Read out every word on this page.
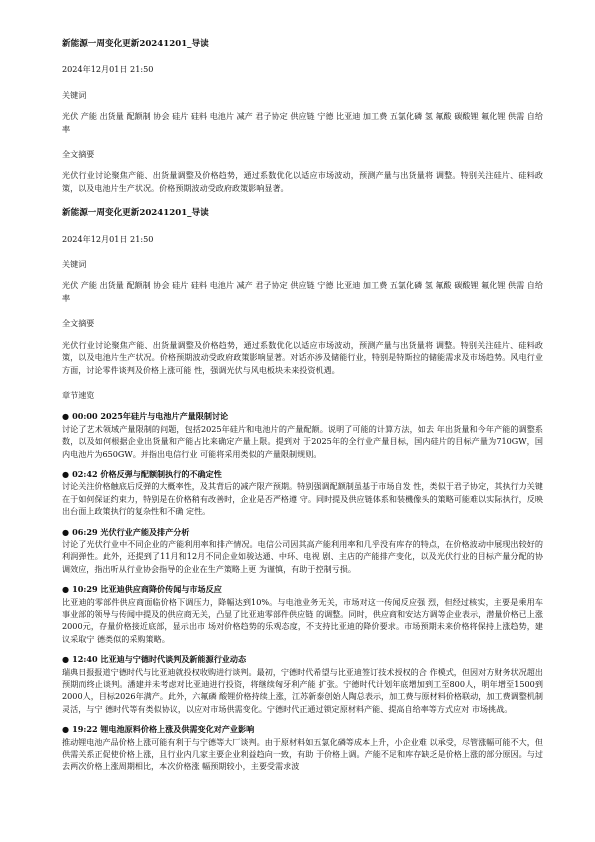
新能源一周变化更新20241201_导读
2024年12月01日 21:50
关键词
光伏 产能 出货量 配额制 协会 硅片 硅料 电池片 减产 君子协定 供应链 宁德 比亚迪 加工费 五氯化磷 氢 氟酸 碳酸锂 氟化锂 供需 自给率
全文摘要
光伏行业讨论聚焦产能、出货量调整及价格趋势，通过系数优化以适应市场波动，预测产量与出货量将 调整。特别关注硅片、硅料政策，以及电池片生产状况。价格预期波动受政府政策影响显著。
新能源一周变化更新20241201_导读
2024年12月01日 21:50
关键词
光伏 产能 出货量 配额制 协会 硅片 硅料 电池片 减产 君子协定 供应链 宁德 比亚迪 加工费 五氯化磷 氢 氟酸 碳酸锂 氟化锂 供需 自给率
全文摘要
光伏行业讨论聚焦产能、出货量调整及价格趋势，通过系数优化以适应市场波动，预测产量与出货量将 调整。特别关注硅片、硅料政策，以及电池片生产状况。价格预期波动受政府政策影响显著。对话亦涉及储能行业，特别是特斯拉的储能需求及市场趋势。风电行业方面，讨论零件谈判及价格上涨可能 性，强调光伏与风电板块未来投资机遇。
章节速览
● 00:00 2025年硅片与电池片产量限制讨论
讨论了艺术领域产量限制的问题，包括2025年硅片和电池片的产量配额。说明了可能的计算方法，如去 年出货量和今年产能的调整系数，以及如何根据企业出货量和产能占比来确定产量上限。提到对 于2025年的全行业产量目标，国内硅片的目标产量为710GW，国内电池片为650GW。并指出电信行业 可能将采用类似的产量限制规则。
● 02:42 价格反弹与配额制执行的不确定性
讨论关注价格触底后反弹的大概率性，及其背后的减产限产预期。特别强调配额制虽基于市场自发 性，类似于君子协定，其执行力关键在于如何保证约束力，特别是在价格稍有改善时，企业是否严格遵 守。同时提及供应链体系和装機像头的策略可能难以实际执行，反映出台面上政策执行的复杂性和不确 定性。
● 06:29 光伏行业产能及排产分析
讨论了光伏行业中不同企业的产能利用率和排产情况。电信公司因其高产能利用率和几乎没有库存的特点，在价格波动中展现出较好的利润弹性。此外，还提到了11月和12月不同企业如骏达通、中环、电视 剧、主店的产能排产变化，以及光伏行业的目标产量分配的协调效应，指出听从行业协会指导的企业在生产策略上更 为谨慎，有助于控制亏损。
● 10:29 比亚迪供应商降价传闻与市场反应
比亚迪的零部件供应商面临价格下调压力，降幅达到10%。与电池业务无关，市场对这一传闻反应强 烈，但经过核实，主要是乘用车事业部的领导与传闻中提及的供应商无关，凸显了比亚迪零部件供应链 的调整。同时，供应商和安达方调等企业表示，潜量价格已上涨2000元，存量价格接近底部，显示出市 场对价格趋势的乐观态度，不支持比亚迪的降价要求。市场预期未来价格将保持上涨趋势，建议采取宁 德类似的采购策略。
● 12:40 比亚迪与宁德时代谈判及新能源行业动态
瑞典日报报道宁德时代与比亚迪就投权收购进行谈判。最初，宁德时代希望与比亚迪签订技术授权的合 作模式，但因对方财务状况超出预期而终止谈判。潘建并未考虑对比亚迪进行投资，将继续匈牙利产能 扩张。宁德时代计划年底增加到工至800人，明年增至1500到2000人，目标2026年满产。此外，六氟磷 酸锂价格持续上涨，江苏新泰创始人陶总表示，加工费与原材料价格联动，加工费调整机制灵活，与宁 德时代等有类似协议，以应对市场供需变化。宁德时代正通过锁定原材料产能、提高自给率等方式应对 市场挑战。
● 19:22 锂电池原料价格上涨及供需变化对产业影响
推动锂电池产品价格上涨可能有利于与宁德等大厂谈判。由于原材料如五氯化磷等成本上升，小企业难 以承受，尽管涨幅可能不大，但供需关系正促使价格上涨，且行业内几家主要企业利益趋向一致，有助 于价格上调。产能不足和库存缺乏是价格上涨的部分原因。与过去两次价格上涨周期相比，本次价格涨 幅预期较小，主要受需求波
